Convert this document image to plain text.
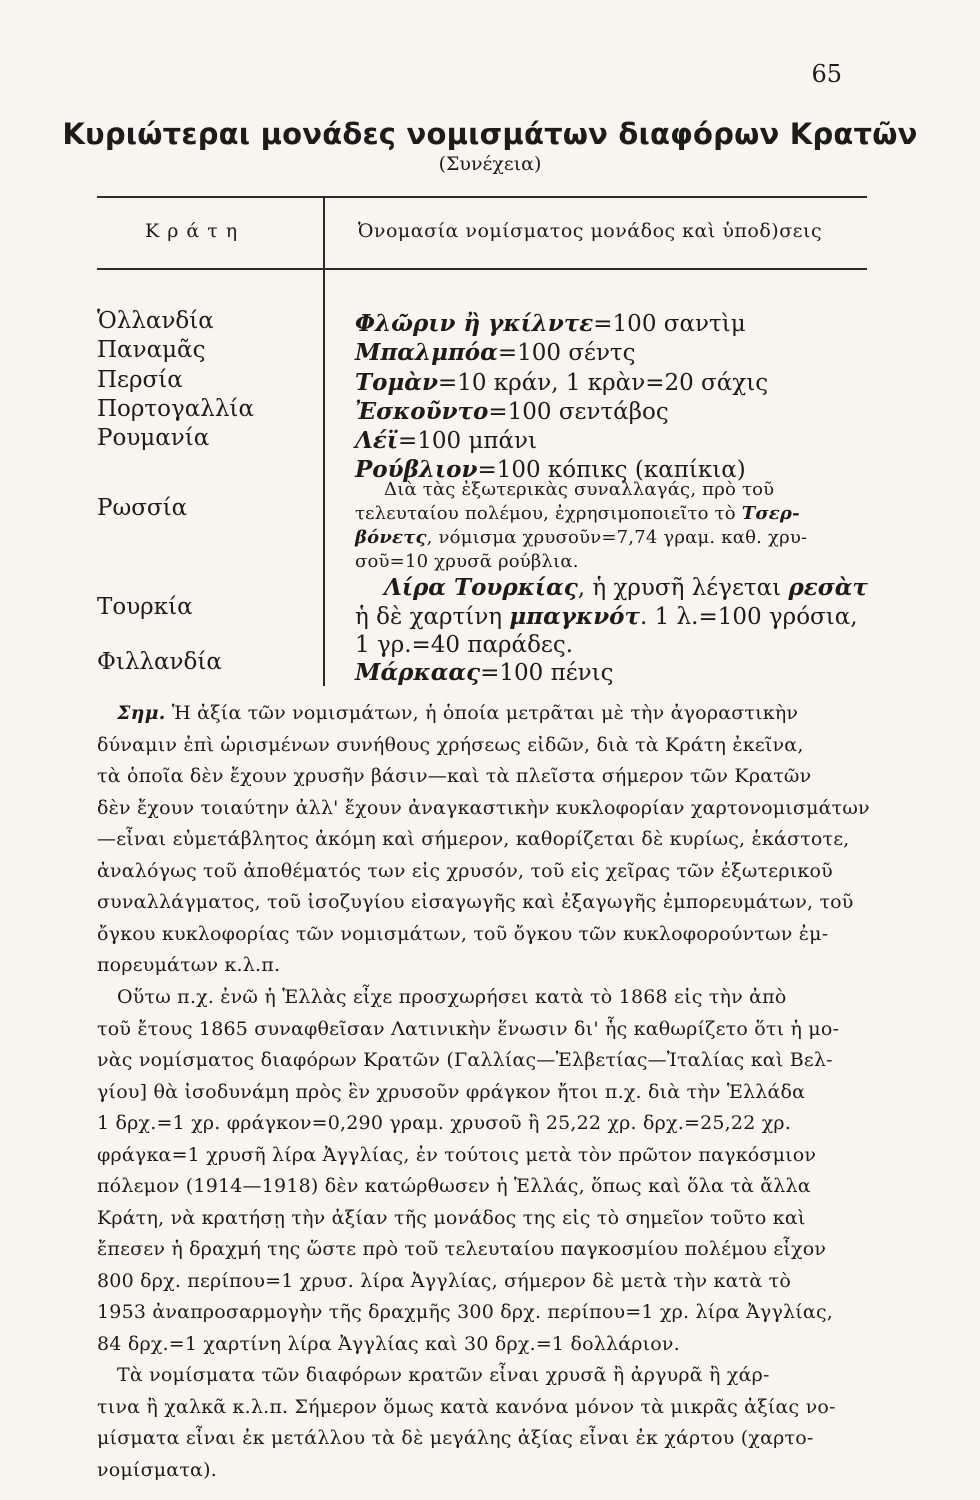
65

Κυριώτεραι μονάδες νομισμάτων διαφόρων Κρατῶν

(Συνέχεια)

Κράτη	Ὀνομασία νομίσματος μονάδος καὶ ὑποδ)σεις

Ὁλλανδία

Παναμᾶς

Περσία

Πορτογαλλία

Ρουμανία

Ρωσσία

Τουρκία

Φιλλανδία

Φλῶριν ἢ γκίλντε=100 σαντὶμ

Μπαλμπόα=100 σέντς

Τομὰν=10 κράν, 1 κρὰν=20 σάχις

Ἐσκοῦντο=100 σεντάβος

Λέϊ=100 μπάνι

Ρούβλιον=100 κόπικς (καπίκια)

Διὰ τὰς ἐξωτερικὰς συναλλαγάς, πρὸ τοῦ

τελευταίου πολέμου, ἐχρησιμοποιεῖτο τὸ Τσερ-

βόνετς, νόμισμα χρυσοῦν=7,74 γραμ. καθ. χρυ-

σοῦ=10 χρυσᾶ ρούβλια.

Λίρα Τουρκίας, ἡ χρυσῆ λέγεται ρεσὰτ

ἡ δὲ χαρτίνη μπαγκνότ. 1 λ.=100 γρόσια,

1 γρ.=40 παράδες.

Μάρκαας=100 πένις

Σημ. Ἡ ἀξία τῶν νομισμάτων, ἡ ὁποία μετρᾶται μὲ τὴν ἀγοραστικὴν

δύναμιν ἐπὶ ὡρισμένων συνήθους χρήσεως εἰδῶν, διὰ τὰ Κράτη ἐκεῖνα,

τὰ ὁποῖα δὲν ἔχουν χρυσῆν βάσιν—καὶ τὰ πλεῖστα σήμερον τῶν Κρατῶν

δὲν ἔχουν τοιαύτην ἀλλ' ἔχουν ἀναγκαστικὴν κυκλοφορίαν χαρτονομισμάτων

—εἶναι εὐμετάβλητος ἀκόμη καὶ σήμερον, καθορίζεται δὲ κυρίως, ἑκάστοτε,

ἀναλόγως τοῦ ἀποθέματός των εἰς χρυσόν, τοῦ εἰς χεῖρας τῶν ἐξωτερικοῦ

συναλλάγματος, τοῦ ἰσοζυγίου εἰσαγωγῆς καὶ ἐξαγωγῆς ἐμπορευμάτων, τοῦ

ὄγκου κυκλοφορίας τῶν νομισμάτων, τοῦ ὄγκου τῶν κυκλοφορούντων ἐμ-

πορευμάτων κ.λ.π.

Οὕτω π.χ. ἐνῶ ἡ Ἑλλὰς εἶχε προσχωρήσει κατὰ τὸ 1868 εἰς τὴν ἀπὸ

τοῦ ἔτους 1865 συναφθεῖσαν Λατινικὴν ἕνωσιν δι' ἧς καθωρίζετο ὅτι ἡ μο-

νὰς νομίσματος διαφόρων Κρατῶν (Γαλλίας—Ἐλβετίας—Ἰταλίας καὶ Βελ-

γίου] θὰ ἰσοδυνάμη πρὸς ἓν χρυσοῦν φράγκον ἤτοι π.χ. διὰ τὴν Ἑλλάδα

1 δρχ.=1 χρ. φράγκον=0,290 γραμ. χρυσοῦ ἢ 25,22 χρ. δρχ.=25,22 χρ.

φράγκα=1 χρυσῆ λίρα Ἀγγλίας, ἐν τούτοις μετὰ τὸν πρῶτον παγκόσμιον

πόλεμον (1914—1918) δὲν κατώρθωσεν ἡ Ἑλλάς, ὅπως καὶ ὅλα τὰ ἄλλα

Κράτη, νὰ κρατήσῃ τὴν ἀξίαν τῆς μονάδος της εἰς τὸ σημεῖον τοῦτο καὶ

ἔπεσεν ἡ δραχμή της ὥστε πρὸ τοῦ τελευταίου παγκοσμίου πολέμου εἶχον

800 δρχ. περίπου=1 χρυσ. λίρα Ἀγγλίας, σήμερον δὲ μετὰ τὴν κατὰ τὸ

1953 ἀναπροσαρμογὴν τῆς δραχμῆς 300 δρχ. περίπου=1 χρ. λίρα Ἀγγλίας,

84 δρχ.=1 χαρτίνη λίρα Ἀγγλίας καὶ 30 δρχ.=1 δολλάριον.

Τὰ νομίσματα τῶν διαφόρων κρατῶν εἶναι χρυσᾶ ἢ ἀργυρᾶ ἢ χάρ-

τινα ἢ χαλκᾶ κ.λ.π. Σήμερον ὅμως κατὰ κανόνα μόνον τὰ μικρᾶς ἀξίας νο-

μίσματα εἶναι ἐκ μετάλλου τὰ δὲ μεγάλης ἀξίας εἶναι ἐκ χάρτου (χαρτο-

νομίσματα).
